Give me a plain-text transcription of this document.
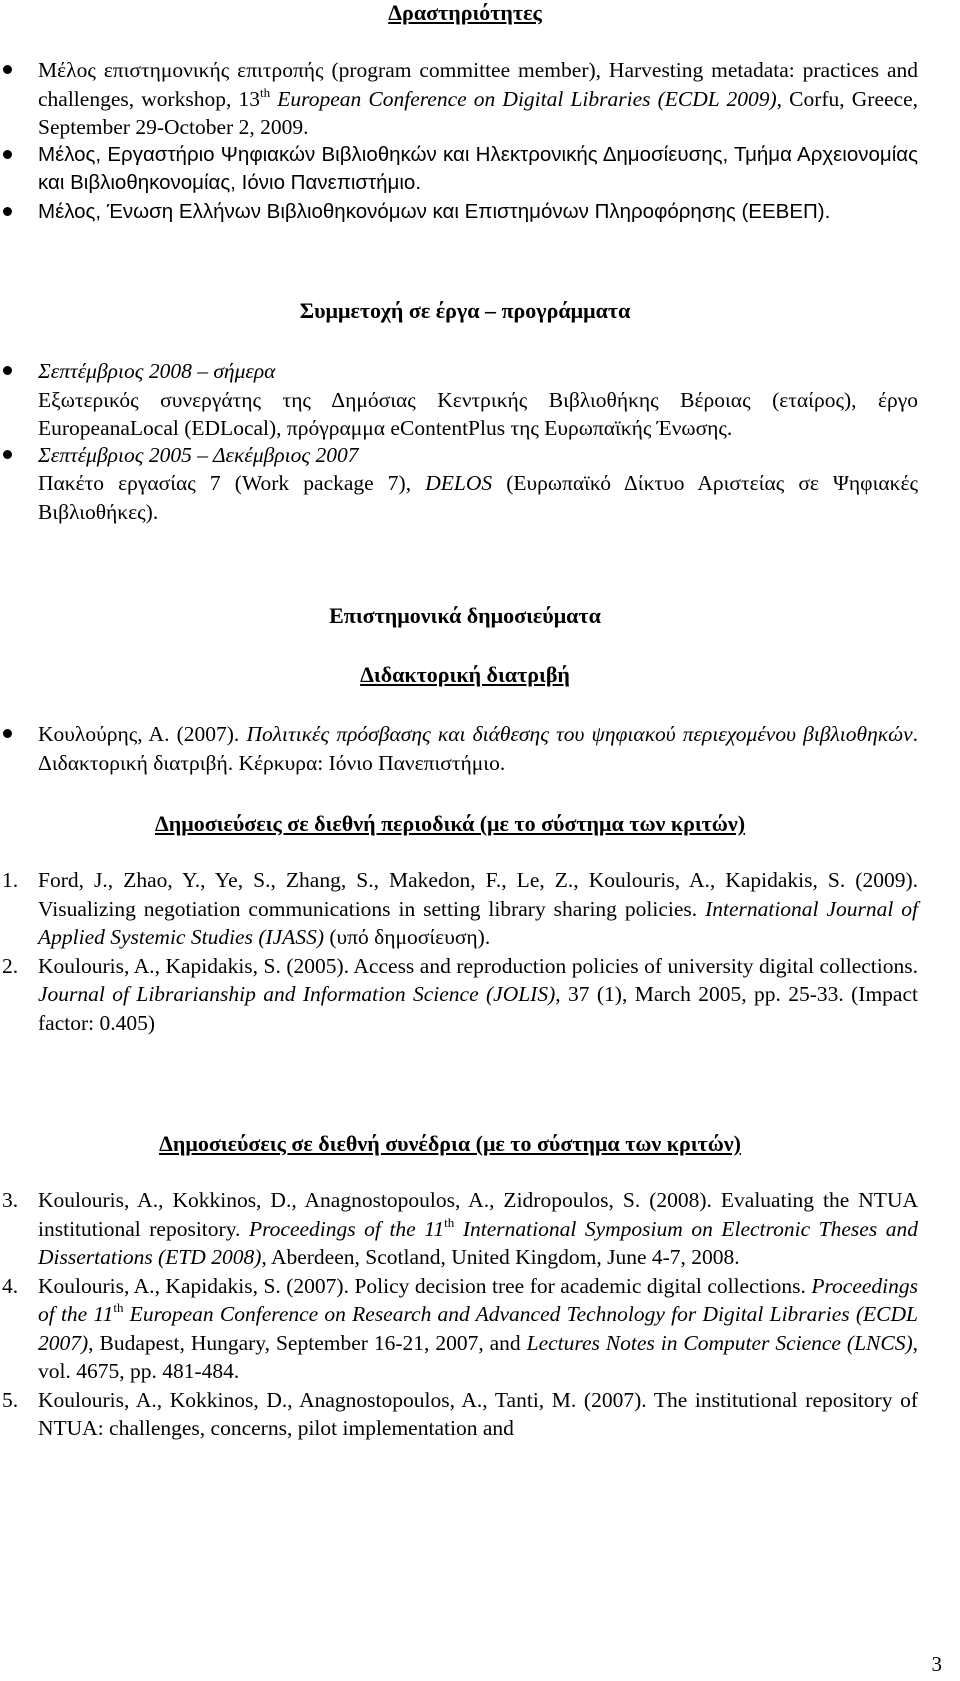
Δραστηριότητες

Μέλος επιστημονικής επιτροπής (program committee member), Harvesting metadata: practices and challenges, workshop, 13th European Conference on Digital Libraries (ECDL 2009), Corfu, Greece, September 29-October 2, 2009.
Μέλος, Εργαστήριο Ψηφιακών Βιβλιοθηκών και Ηλεκτρονικής Δημοσίευσης, Τμήμα Αρχειονομίας και Βιβλιοθηκονομίας, Ιόνιο Πανεπιστήμιο.
Μέλος, Ένωση Ελλήνων Βιβλιοθηκονόμων και Επιστημόνων Πληροφόρησης (ΕΕΒΕΠ).

Συμμετοχή σε έργα – προγράμματα

Σεπτέμβριος 2008 – σήμερα
Εξωτερικός συνεργάτης της Δημόσιας Κεντρικής Βιβλιοθήκης Βέροιας (εταίρος), έργο EuropeanaLocal (EDLocal), πρόγραμμα eContentPlus της Ευρωπαϊκής Ένωσης.
Σεπτέμβριος 2005 – Δεκέμβριος 2007
Πακέτο εργασίας 7 (Work package 7), DELOS (Ευρωπαϊκό Δίκτυο Αριστείας σε Ψηφιακές Βιβλιοθήκες).

Επιστημονικά δημοσιεύματα

Διδακτορική διατριβή

Κουλούρης, Α. (2007). Πολιτικές πρόσβασης και διάθεσης του ψηφιακού περιεχομένου βιβλιοθηκών. Διδακτορική διατριβή. Κέρκυρα: Ιόνιο Πανεπιστήμιο.

Δημοσιεύσεις σε διεθνή περιοδικά (με το σύστημα των κριτών)

1. Ford, J., Zhao, Y., Ye, S., Zhang, S., Makedon, F., Le, Z., Koulouris, A., Kapidakis, S. (2009). Visualizing negotiation communications in setting library sharing policies. International Journal of Applied Systemic Studies (IJASS) (υπό δημοσίευση).
2. Koulouris, A., Kapidakis, S. (2005). Access and reproduction policies of university digital collections. Journal of Librarianship and Information Science (JOLIS), 37 (1), March 2005, pp. 25-33. (Impact factor: 0.405)

Δημοσιεύσεις σε διεθνή συνέδρια (με το σύστημα των κριτών)

3. Koulouris, A., Kokkinos, D., Anagnostopoulos, A., Zidropoulos, S. (2008). Evaluating the NTUA institutional repository. Proceedings of the 11th International Symposium on Electronic Theses and Dissertations (ETD 2008), Aberdeen, Scotland, United Kingdom, June 4-7, 2008.
4. Koulouris, A., Kapidakis, S. (2007). Policy decision tree for academic digital collections. Proceedings of the 11th European Conference on Research and Advanced Technology for Digital Libraries (ECDL 2007), Budapest, Hungary, September 16-21, 2007, and Lectures Notes in Computer Science (LNCS), vol. 4675, pp. 481-484.
5. Koulouris, A., Kokkinos, D., Anagnostopoulos, A., Tanti, M. (2007). The institutional repository of NTUA: challenges, concerns, pilot implementation and
3
